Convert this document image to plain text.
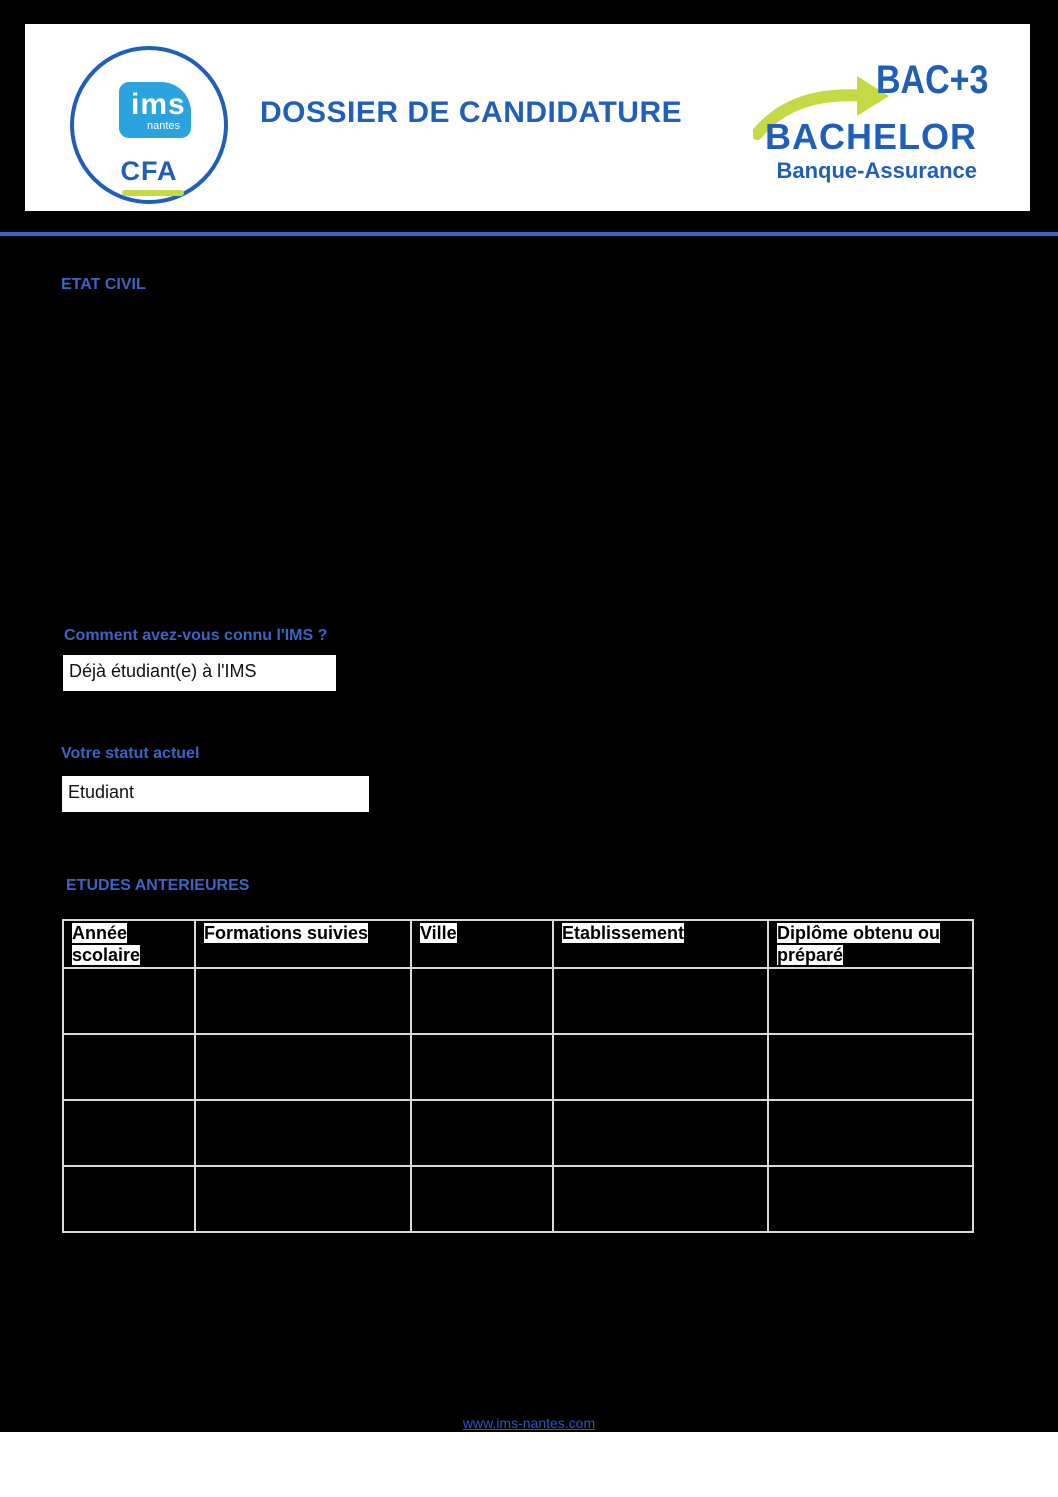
ims
nantes
CFA
DOSSIER DE CANDIDATURE
BAC+3
BACHELOR
Banque-Assurance
ETAT CIVIL
Comment avez-vous connu l'IMS ?
Déjà étudiant(e) à l'IMS
Votre statut actuel
Etudiant
ETUDES ANTERIEURES
Année scolaire	Formations suivies	Ville	Etablissement	Diplôme obtenu ou préparé

www.ims-nantes.com
